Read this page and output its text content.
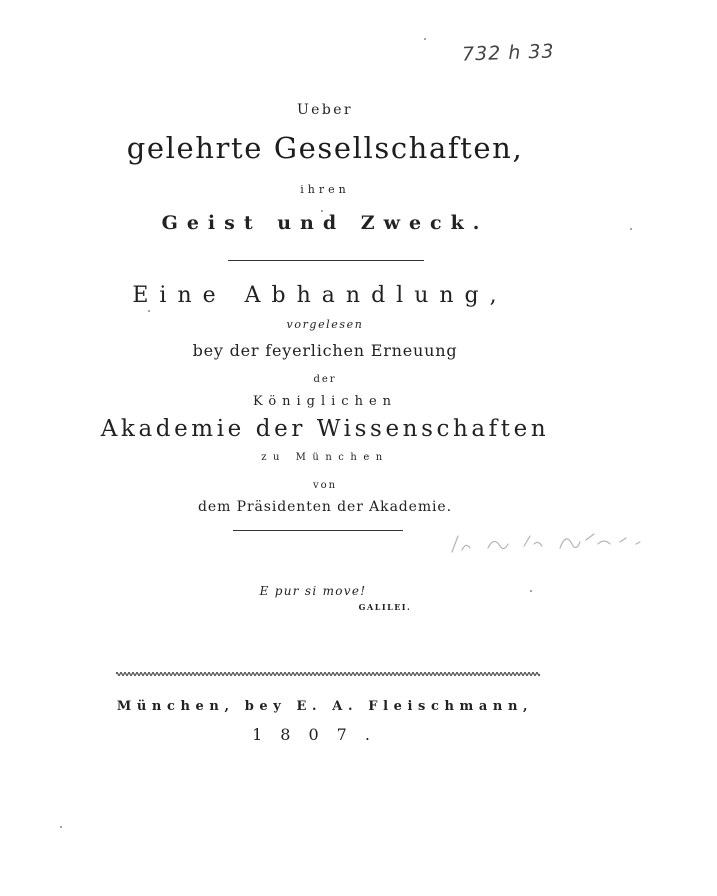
732 h 33
Ueber
gelehrte Gesellschaften,
ihren
Geist und Zweck.
Eine Abhandlung,
vorgelesen
bey der feyerlichen Erneuung
der
Königlichen
Akademie der Wissenschaften
zu München
von
dem Präsidenten der Akademie.
E pur si move!
GALILEI.
München, bey E. A. Fleischmann,
1807.
